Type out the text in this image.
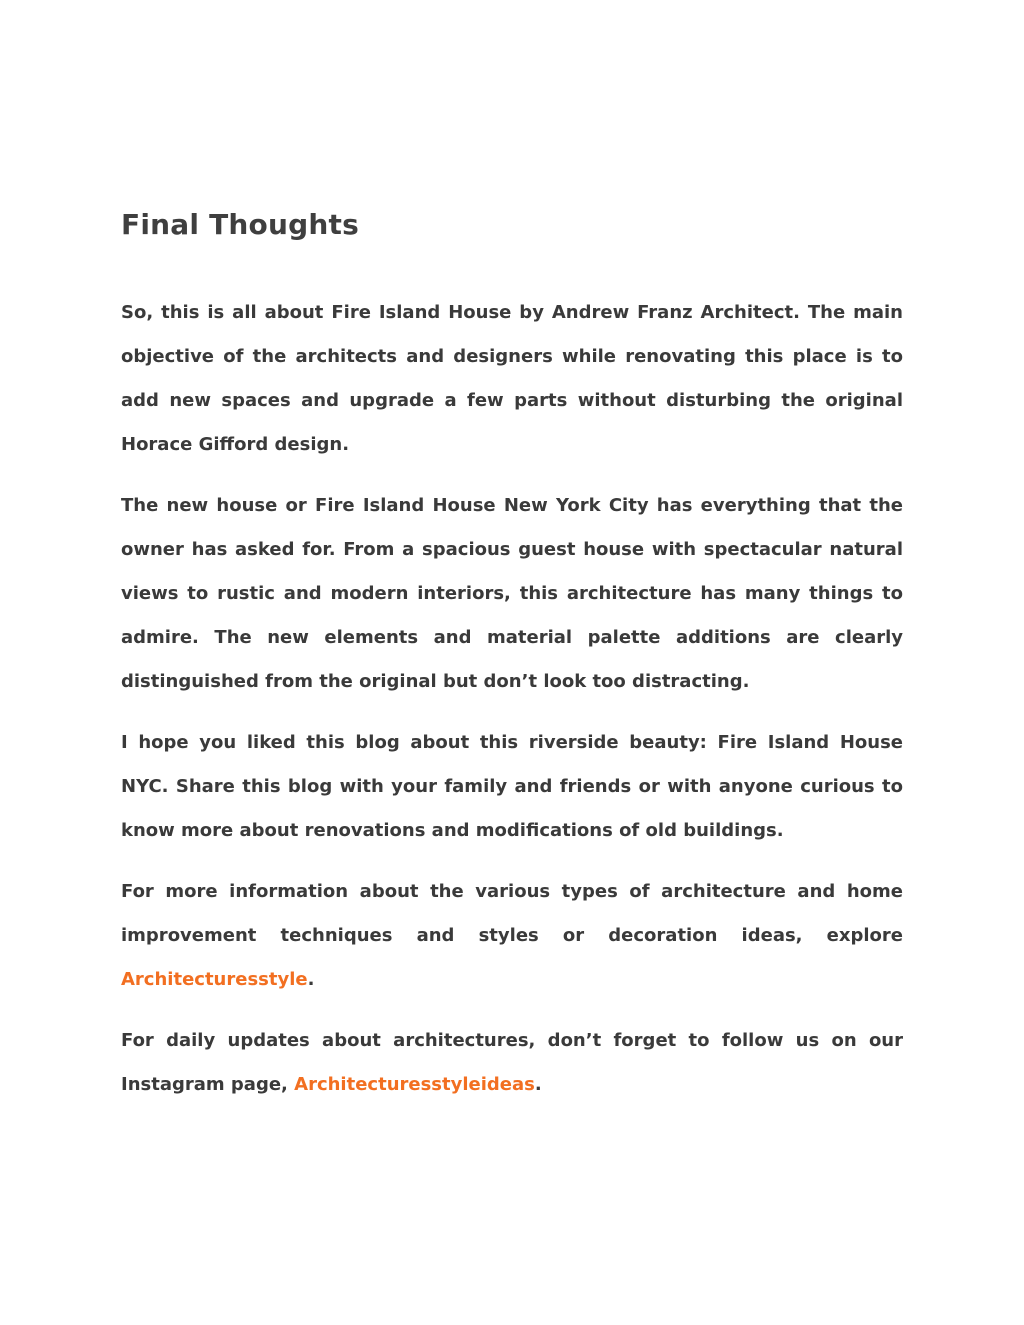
Final Thoughts

So, this is all about Fire Island House by Andrew Franz Architect. The main objective of the architects and designers while renovating this place is to add new spaces and upgrade a few parts without disturbing the original Horace Gifford design.

The new house or Fire Island House New York City has everything that the owner has asked for. From a spacious guest house with spectacular natural views to rustic and modern interiors, this architecture has many things to admire. The new elements and material palette additions are clearly distinguished from the original but don’t look too distracting.

I hope you liked this blog about this riverside beauty: Fire Island House NYC. Share this blog with your family and friends or with anyone curious to know more about renovations and modifications of old buildings.

For more information about the various types of architecture and home improvement techniques and styles or decoration ideas, explore Architecturesstyle.

For daily updates about architectures, don’t forget to follow us on our Instagram page, Architecturesstyleideas.
